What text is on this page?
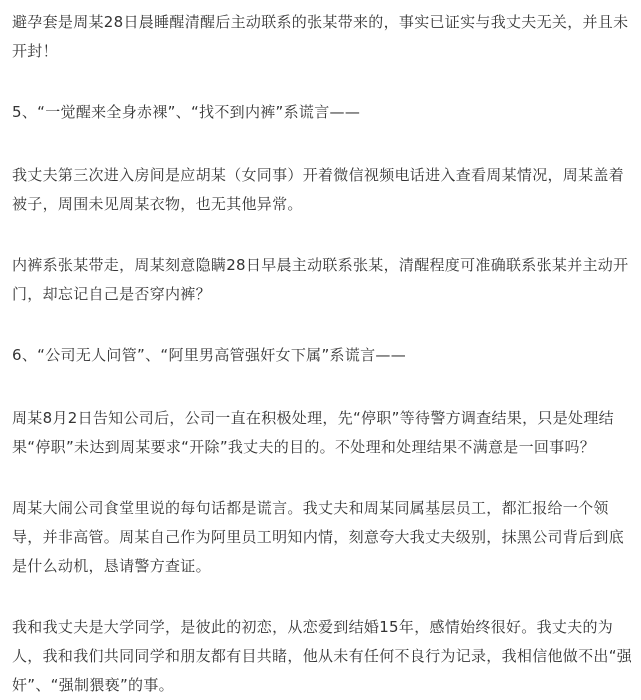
避孕套是周某28日晨睡醒清醒后主动联系的张某带来的，事实已证实与我丈夫无关，并且未开封！

5、“一觉醒来全身赤裸”、“找不到内裤”系谎言——

我丈夫第三次进入房间是应胡某（女同事）开着微信视频电话进入查看周某情况，周某盖着被子，周围未见周某衣物，也无其他异常。

内裤系张某带走，周某刻意隐瞒28日早晨主动联系张某，清醒程度可准确联系张某并主动开门，却忘记自己是否穿内裤？

6、“公司无人问管”、“阿里男高管强奸女下属”系谎言——

周某8月2日告知公司后，公司一直在积极处理，先“停职”等待警方调查结果，只是处理结果“停职”未达到周某要求“开除”我丈夫的目的。不处理和处理结果不满意是一回事吗？

周某大闹公司食堂里说的每句话都是谎言。我丈夫和周某同属基层员工，都汇报给一个领导，并非高管。周某自己作为阿里员工明知内情，刻意夸大我丈夫级别，抹黑公司背后到底是什么动机，恳请警方查证。

我和我丈夫是大学同学，是彼此的初恋，从恋爱到结婚15年，感情始终很好。我丈夫的为人，我和我们共同同学和朋友都有目共睹，他从未有任何不良行为记录，我相信他做不出“强奸”、“强制猥亵”的事。
